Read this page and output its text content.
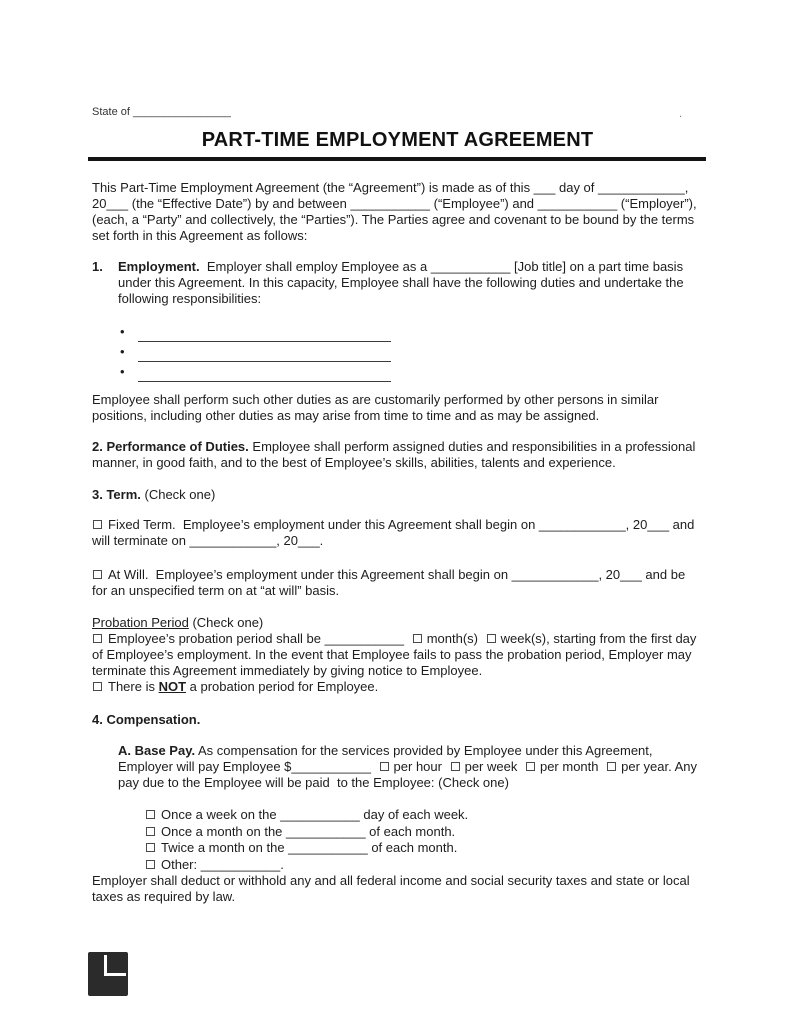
.
State of ________________
PART-TIME EMPLOYMENT AGREEMENT

This Part-Time Employment Agreement (the “Agreement”) is made as of this ___ day of ____________, 20___ (the “Effective Date”) by and between ___________ (“Employee”) and ___________ (“Employer”), (each, a “Party” and collectively, the “Parties”). The Parties agree and covenant to be bound by the terms set forth in this Agreement as follows:

1. Employment.  Employer shall employ Employee as a ___________ [Job title] on a part time basis under this Agreement. In this capacity, Employee shall have the following duties and undertake the following responsibilities:

•
•
•

Employee shall perform such other duties as are customarily performed by other persons in similar positions, including other duties as may arise from time to time and as may be assigned.

2. Performance of Duties. Employee shall perform assigned duties and responsibilities in a professional manner, in good faith, and to the best of Employee’s skills, abilities, talents and experience.

3. Term. (Check one)

Fixed Term.  Employee’s employment under this Agreement shall begin on ____________, 20___ and will terminate on ____________, 20___.

At Will.  Employee’s employment under this Agreement shall begin on ____________, 20___ and be for an unspecified term on at “at will” basis.

Probation Period (Check one)

Employee’s probation period shall be ___________ month(s) week(s), starting from the first day of Employee’s employment. In the event that Employee fails to pass the probation period, Employer may terminate this Agreement immediately by giving notice to Employee.

There is NOT a probation period for Employee.

4. Compensation.

A. Base Pay. As compensation for the services provided by Employee under this Agreement, Employer will pay Employee $___________ per hour per week per month per year. Any pay due to the Employee will be paid  to the Employee: (Check one)

Once a week on the ___________ day of each week.
Once a month on the ___________ of each month.
Twice a month on the ___________ of each month.
Other: ___________.

Employer shall deduct or withhold any and all federal income and social security taxes and state or local taxes as required by law.
